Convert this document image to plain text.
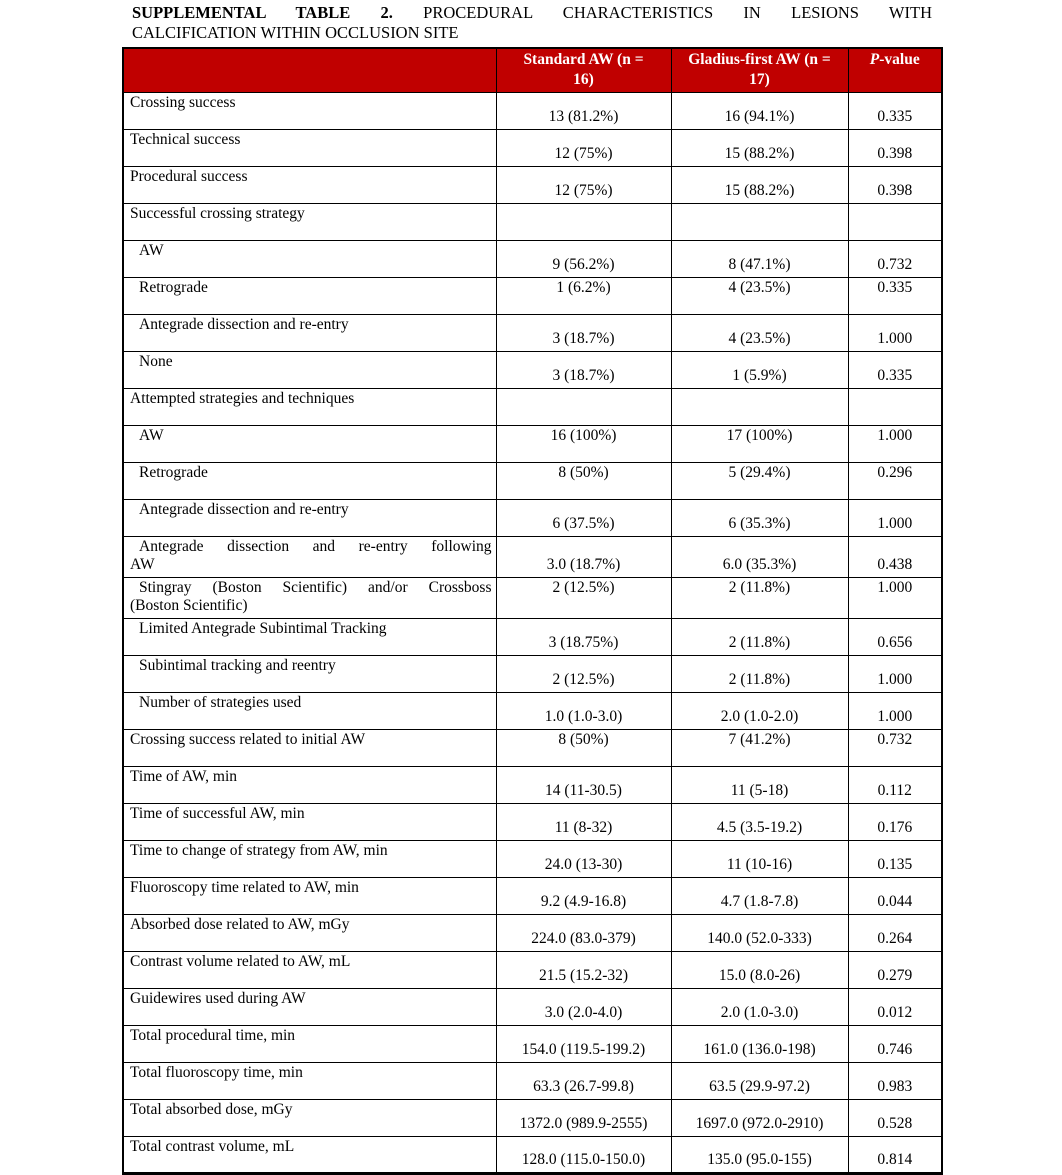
SUPPLEMENTAL TABLE 2. PROCEDURAL CHARACTERISTICS IN LESIONS WITH
CALCIFICATION WITHIN OCCLUSION SITE
	Standard AW (n = 16)	Gladius-first AW (n = 17)	P-value

Crossing success	13 (81.2%)	16 (94.1%)	0.335

Technical success	12 (75%)	15 (88.2%)	0.398

Procedural success	12 (75%)	15 (88.2%)	0.398

Successful crossing strategy			

AW	9 (56.2%)	8 (47.1%)	0.732

Retrograde	1 (6.2%)	4 (23.5%)	0.335

Antegrade dissection and re-entry	3 (18.7%)	4 (23.5%)	1.000

None	3 (18.7%)	1 (5.9%)	0.335

Attempted strategies and techniques			

AW	16 (100%)	17 (100%)	1.000

Retrograde	8 (50%)	5 (29.4%)	0.296

Antegrade dissection and re-entry	6 (37.5%)	6 (35.3%)	1.000

Antegrade dissection and re-entry following
AW	3.0 (18.7%)	6.0 (35.3%)	0.438

Stingray (Boston Scientific) and/or Crossboss
(Boston Scientific)	2 (12.5%)	2 (11.8%)	1.000

Limited Antegrade Subintimal Tracking	3 (18.75%)	2 (11.8%)	0.656

Subintimal tracking and reentry	2 (12.5%)	2 (11.8%)	1.000

Number of strategies used	1.0 (1.0-3.0)	2.0 (1.0-2.0)	1.000

Crossing success related to initial AW	8 (50%)	7 (41.2%)	0.732

Time of AW, min	14 (11-30.5)	11 (5-18)	0.112

Time of successful AW, min	11 (8-32)	4.5 (3.5-19.2)	0.176

Time to change of strategy from AW, min	24.0 (13-30)	11 (10-16)	0.135

Fluoroscopy time related to AW, min	9.2 (4.9-16.8)	4.7 (1.8-7.8)	0.044

Absorbed dose related to AW, mGy	224.0 (83.0-379)	140.0 (52.0-333)	0.264

Contrast volume related to AW, mL	21.5 (15.2-32)	15.0 (8.0-26)	0.279

Guidewires used during AW	3.0 (2.0-4.0)	2.0 (1.0-3.0)	0.012

Total procedural time, min	154.0 (119.5-199.2)	161.0 (136.0-198)	0.746

Total fluoroscopy time, min	63.3 (26.7-99.8)	63.5 (29.9-97.2)	0.983

Total absorbed dose, mGy	1372.0 (989.9-2555)	1697.0 (972.0-2910)	0.528

Total contrast volume, mL	128.0 (115.0-150.0)	135.0 (95.0-155)	0.814
